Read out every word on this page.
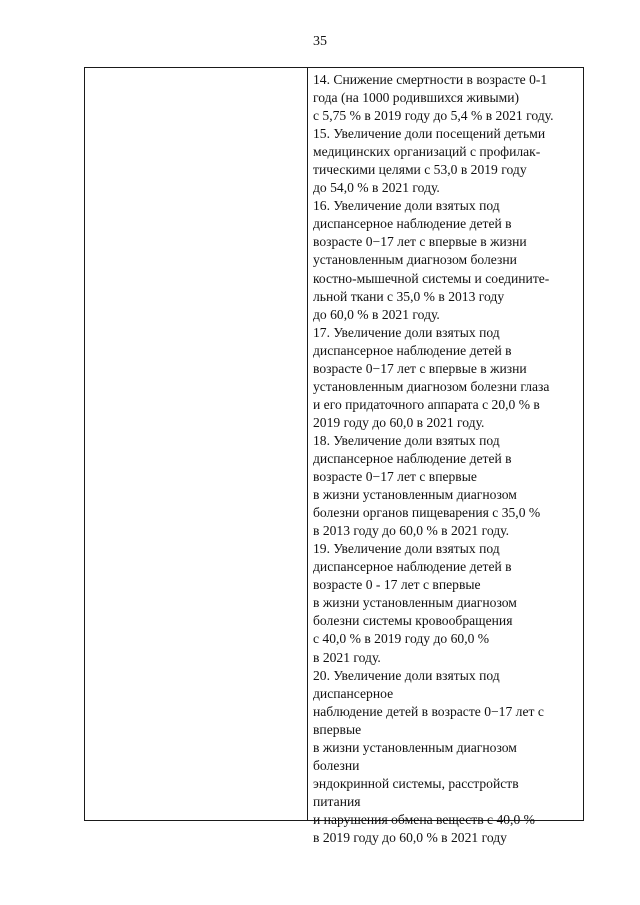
35
14. Снижение смертности в возрасте 0-1
года (на 1000 родившихся живыми)
с 5,75 % в 2019 году до 5,4 % в 2021 году.
15. Увеличение доли посещений детьми
медицинских организаций с профилак-
тическими целями с 53,0 в 2019 году
до 54,0 % в 2021 году.
16. Увеличение доли взятых под
диспансерное наблюдение детей в
возрасте 0−17 лет с впервые в жизни
установленным диагнозом болезни
костно-мышечной системы и соедините-
льной ткани с 35,0 % в 2013 году
до 60,0 % в 2021 году.
17. Увеличение доли взятых под
диспансерное наблюдение детей в
возрасте 0−17 лет с впервые в жизни
установленным диагнозом болезни глаза
и его придаточного аппарата с 20,0 % в
2019 году до 60,0 в 2021 году.
18. Увеличение доли взятых под
диспансерное наблюдение детей в
возрасте 0−17 лет с впервые
в жизни установленным диагнозом
болезни органов пищеварения с 35,0 %
в 2013 году до 60,0 % в 2021 году.
19. Увеличение доли взятых под
диспансерное наблюдение детей в
возрасте 0 - 17 лет с впервые
в жизни установленным диагнозом
болезни системы кровообращения
с 40,0 % в 2019 году до 60,0 %
в 2021 году.
20. Увеличение доли взятых под
диспансерное
наблюдение детей в возрасте 0−17 лет с
впервые
в жизни установленным диагнозом
болезни
эндокринной системы, расстройств
питания
и нарушения обмена веществ с 40,0 %
в 2019 году до 60,0 % в 2021 году
